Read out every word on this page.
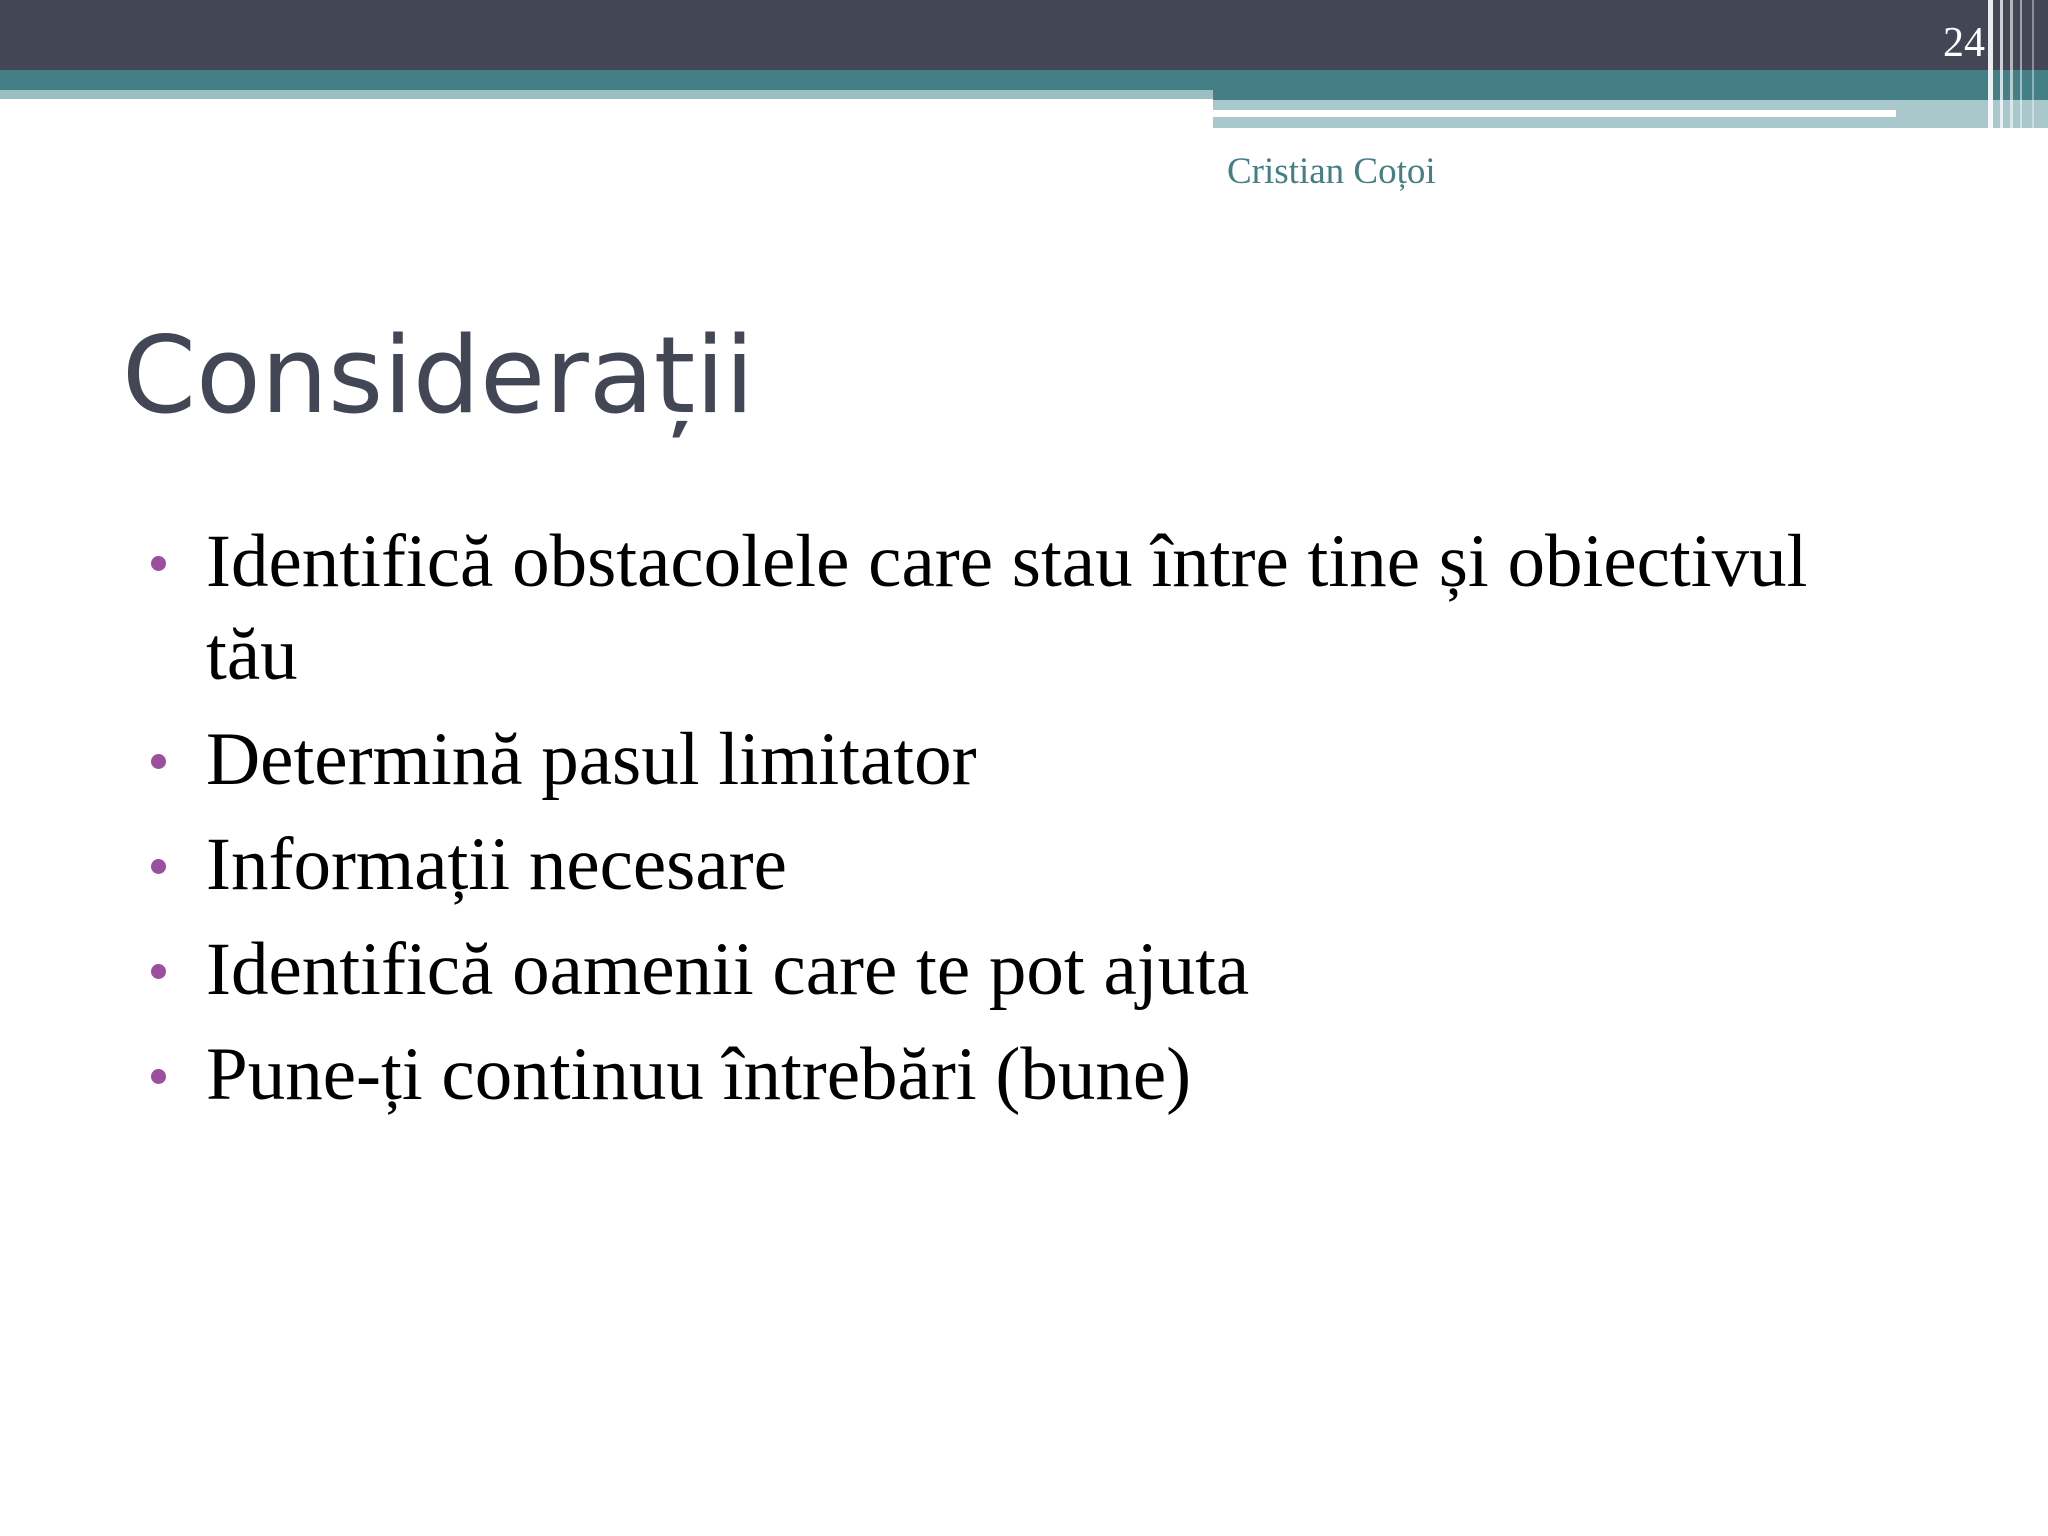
24
Cristian Coțoi
Considerații
Identifică obstacolele care stau între tine și obiectivul tău
Determină pasul limitator
Informații necesare
Identifică oamenii care te pot ajuta
Pune-ți continuu întrebări (bune)
